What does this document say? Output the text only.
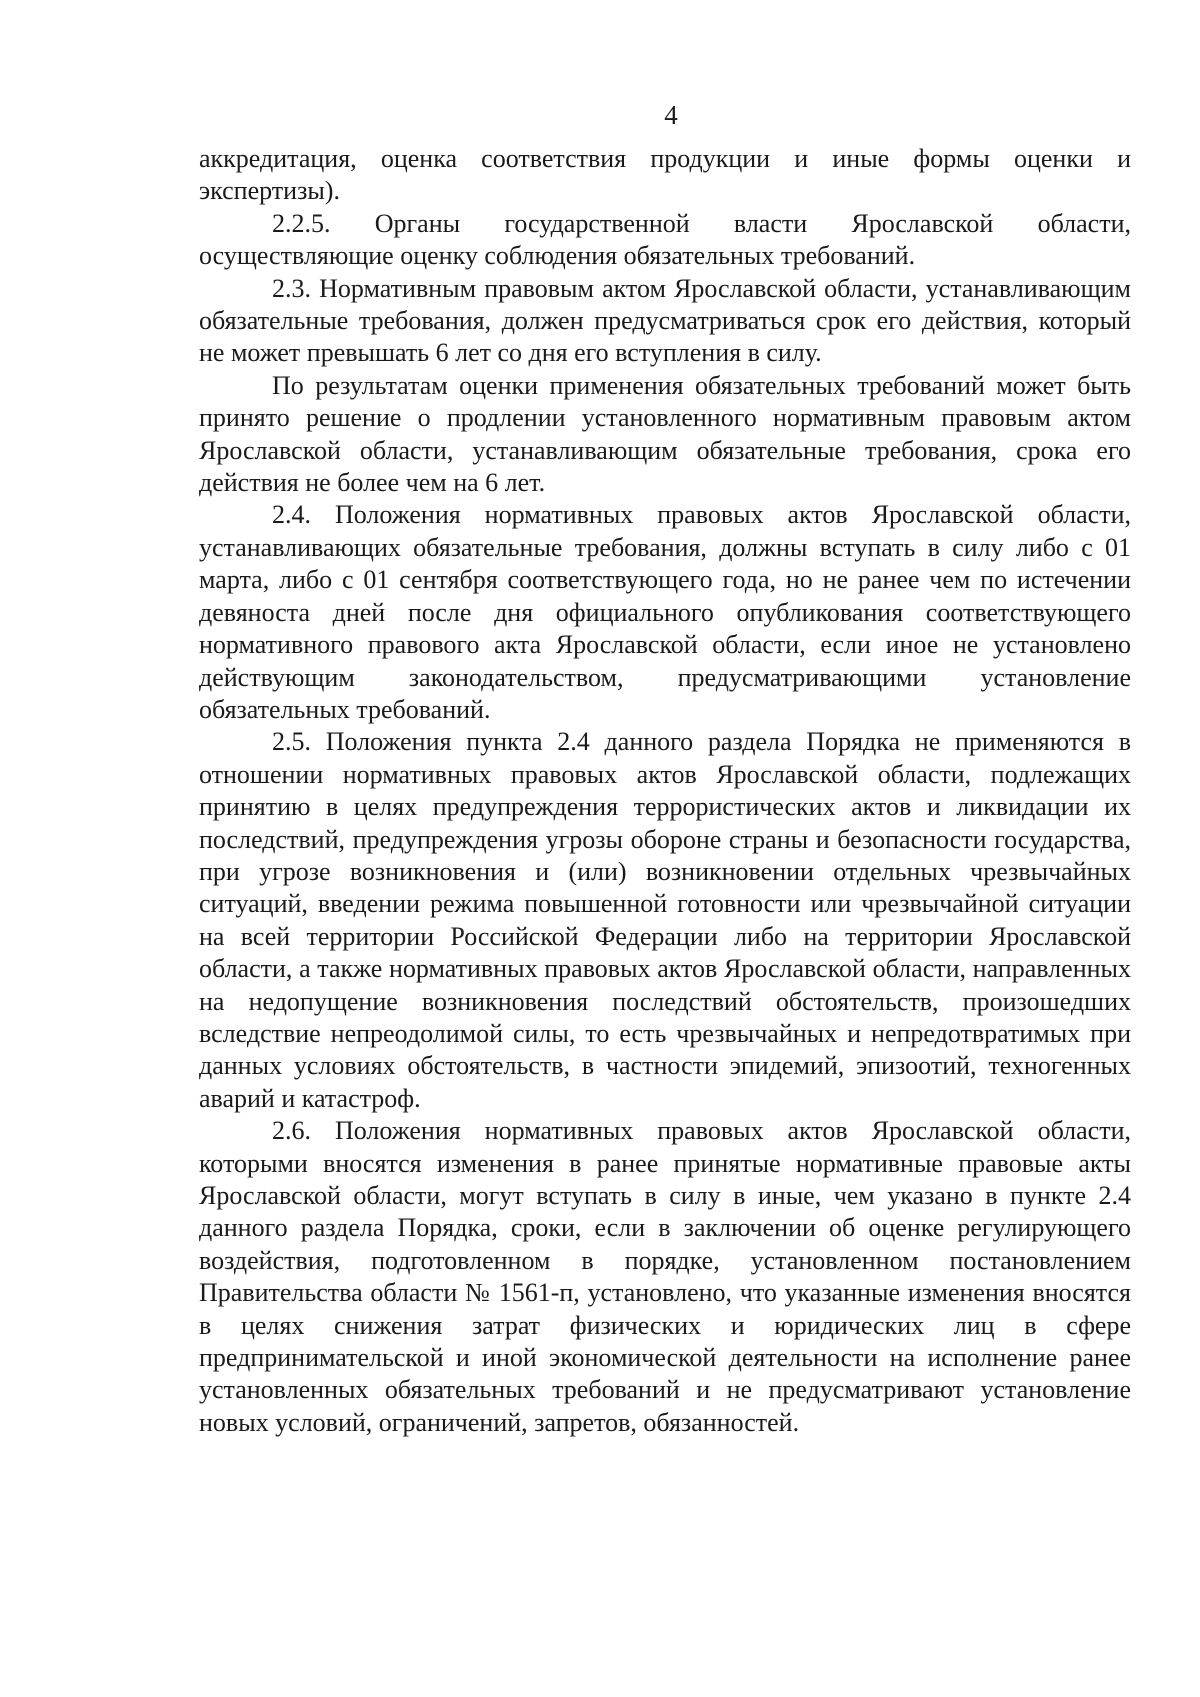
4

аккредитация, оценка соответствия продукции и иные формы оценки и экспертизы).

2.2.5. Органы государственной власти Ярославской области, осуществляющие оценку соблюдения обязательных требований.

2.3. Нормативным правовым актом Ярославской области, устанавливающим обязательные требования, должен предусматриваться срок его действия, который не может превышать 6 лет со дня его вступления в силу.

По результатам оценки применения обязательных требований может быть принято решение о продлении установленного нормативным правовым актом Ярославской области, устанавливающим обязательные требования, срока его действия не более чем на 6 лет.

2.4. Положения нормативных правовых актов Ярославской области, устанавливающих обязательные требования, должны вступать в силу либо с 01 марта, либо с 01 сентября соответствующего года, но не ранее чем по истечении девяноста дней после дня официального опубликования соответствующего нормативного правового акта Ярославской области, если иное не установлено действующим законодательством, предусматривающими установление обязательных требований.

2.5. Положения пункта 2.4 данного раздела Порядка не применяются в отношении нормативных правовых актов Ярославской области, подлежащих принятию в целях предупреждения террористических актов и ликвидации их последствий, предупреждения угрозы обороне страны и безопасности государства, при угрозе возникновения и (или) возникновении отдельных чрезвычайных ситуаций, введении режима повышенной готовности или чрезвычайной ситуации на всей территории Российской Федерации либо на территории Ярославской области, а также нормативных правовых актов Ярославской области, направленных на недопущение возникновения последствий обстоятельств, произошедших вследствие непреодолимой силы, то есть чрезвычайных и непредотвратимых при данных условиях обстоятельств, в частности эпидемий, эпизоотий, техногенных аварий и катастроф.

2.6. Положения нормативных правовых актов Ярославской области, которыми вносятся изменения в ранее принятые нормативные правовые акты Ярославской области, могут вступать в силу в иные, чем указано в пункте 2.4 данного раздела Порядка, сроки, если в заключении об оценке регулирующего воздействия, подготовленном в порядке, установленном постановлением Правительства области № 1561-п, установлено, что указанные изменения вносятся в целях снижения затрат физических и юридических лиц в сфере предпринимательской и иной экономической деятельности на исполнение ранее установленных обязательных требований и не предусматривают установление новых условий, ограничений, запретов, обязанностей.
